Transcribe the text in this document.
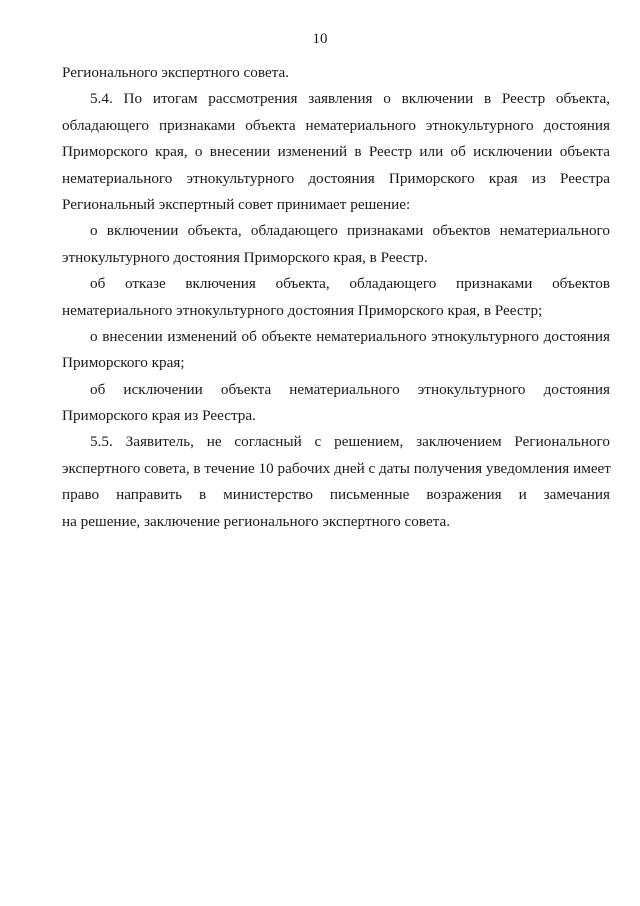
10
Регионального экспертного совета.
5.4. По итогам рассмотрения заявления о включении в Реестр объекта,
обладающего признаками объекта нематериального этнокультурного достояния
Приморского края, о внесении изменений в Реестр или об исключении объекта
нематериального этнокультурного достояния Приморского края из Реестра
Региональный экспертный совет принимает решение:
о включении объекта, обладающего признаками объектов нематериального
этнокультурного достояния Приморского края, в Реестр.
об отказе включения объекта, обладающего признаками объектов
нематериального этнокультурного достояния Приморского края, в Реестр;
о внесении изменений об объекте нематериального этнокультурного достояния
Приморского края;
об исключении объекта нематериального этнокультурного достояния
Приморского края из Реестра.
5.5. Заявитель, не согласный с решением, заключением Регионального
экспертного совета, в течение 10 рабочих дней с даты получения уведомления имеет
право направить в министерство письменные возражения и замечания
на решение, заключение регионального экспертного совета.
